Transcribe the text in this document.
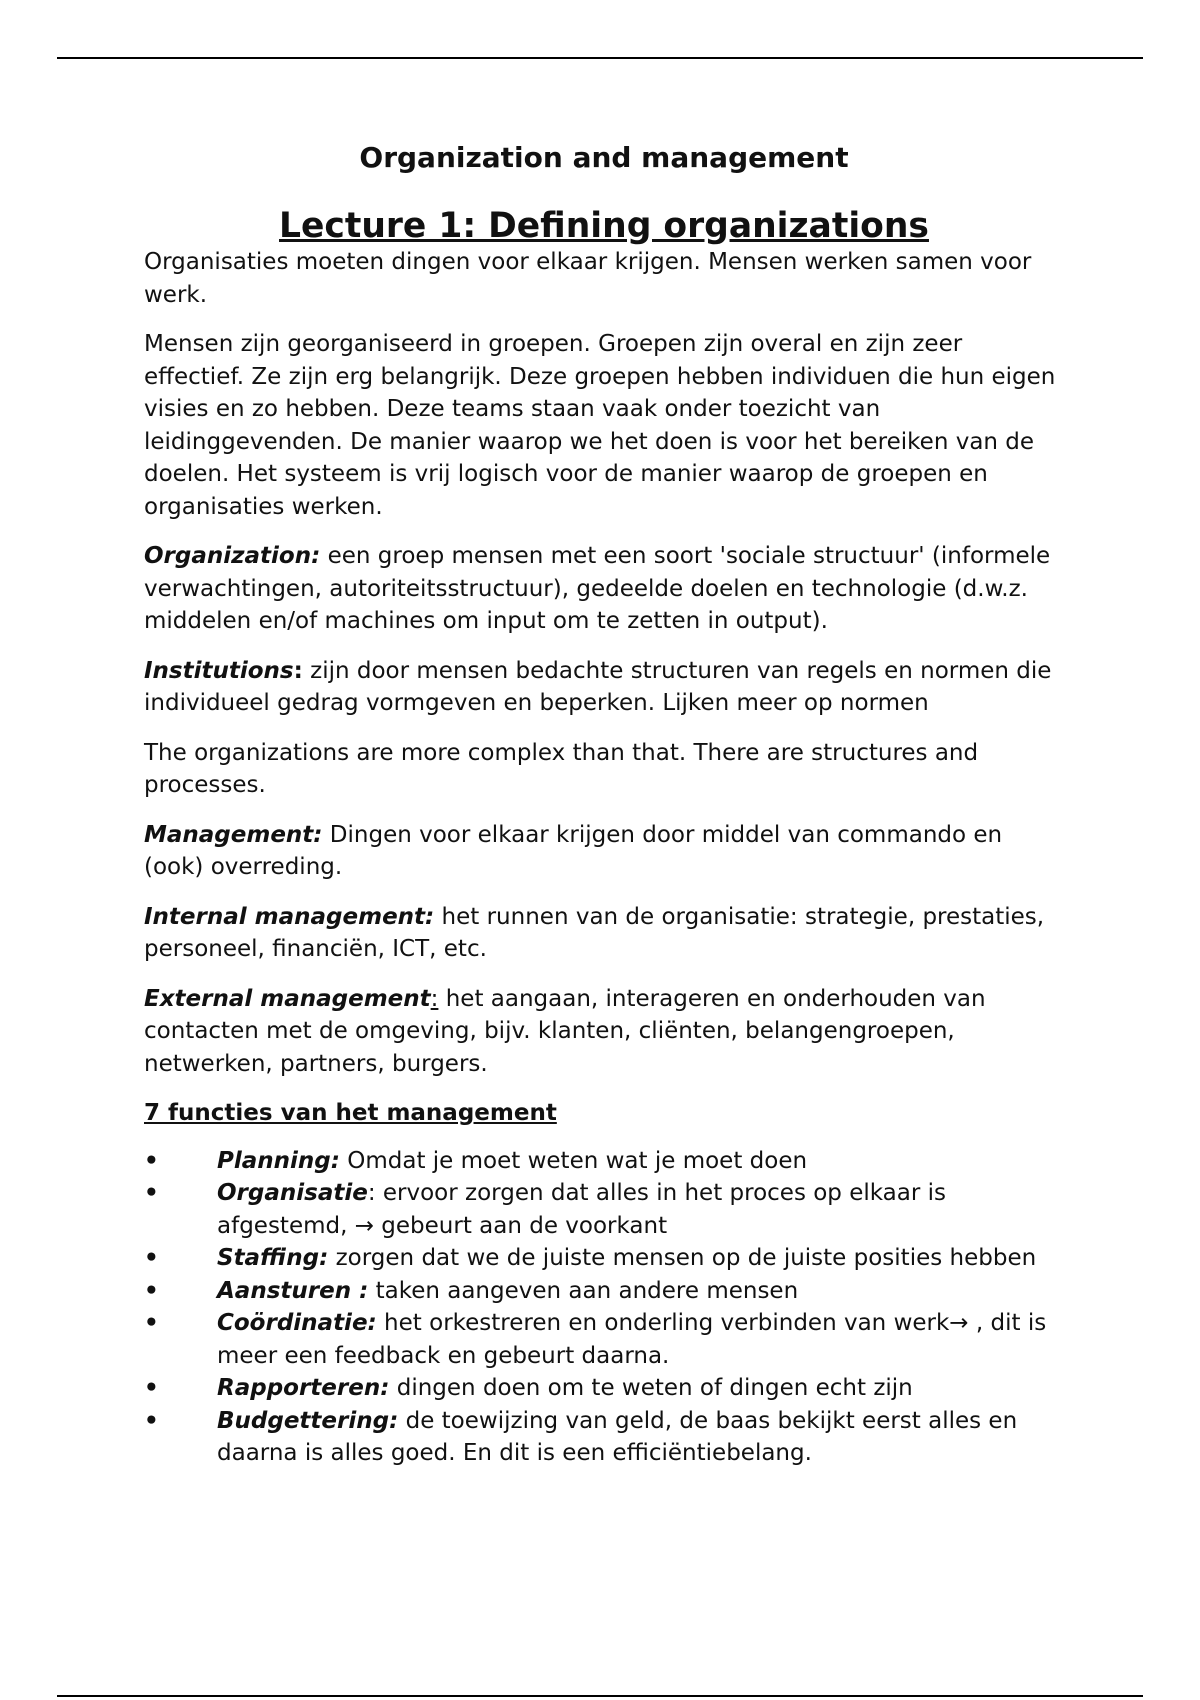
Organization and management
Lecture 1: Defining organizations

Organisaties moeten dingen voor elkaar krijgen. Mensen werken samen voor werk.

Mensen zijn georganiseerd in groepen. Groepen zijn overal en zijn zeer effectief. Ze zijn erg belangrijk. Deze groepen hebben individuen die hun eigen visies en zo hebben. Deze teams staan vaak onder toezicht van leidinggevenden. De manier waarop we het doen is voor het bereiken van de doelen. Het systeem is vrij logisch voor de manier waarop de groepen en organisaties werken.

Organization: een groep mensen met een soort 'sociale structuur' (informele verwachtingen, autoriteitsstructuur), gedeelde doelen en technologie (d.w.z. middelen en/of machines om input om te zetten in output).

Institutions: zijn door mensen bedachte structuren van regels en normen die individueel gedrag vormgeven en beperken. Lijken meer op normen

The organizations are more complex than that. There are structures and processes.

Management: Dingen voor elkaar krijgen door middel van commando en (ook) overreding.

Internal management: het runnen van de organisatie: strategie, prestaties, personeel, financiën, ICT, etc.

External management: het aangaan, interageren en onderhouden van contacten met de omgeving, bijv. klanten, cliënten, belangengroepen, netwerken, partners, burgers.

7 functies van het management

•	Planning: Omdat je moet weten wat je moet doen
•	Organisatie: ervoor zorgen dat alles in het proces op elkaar is afgestemd, → gebeurt aan de voorkant
•	Staffing: zorgen dat we de juiste mensen op de juiste posities hebben
•	Aansturen : taken aangeven aan andere mensen
•	Coördinatie: het orkestreren en onderling verbinden van werk→ , dit is meer een feedback en gebeurt daarna.
•	Rapporteren: dingen doen om te weten of dingen echt zijn
•	Budgettering: de toewijzing van geld, de baas bekijkt eerst alles en daarna is alles goed. En dit is een efficiëntiebelang.
